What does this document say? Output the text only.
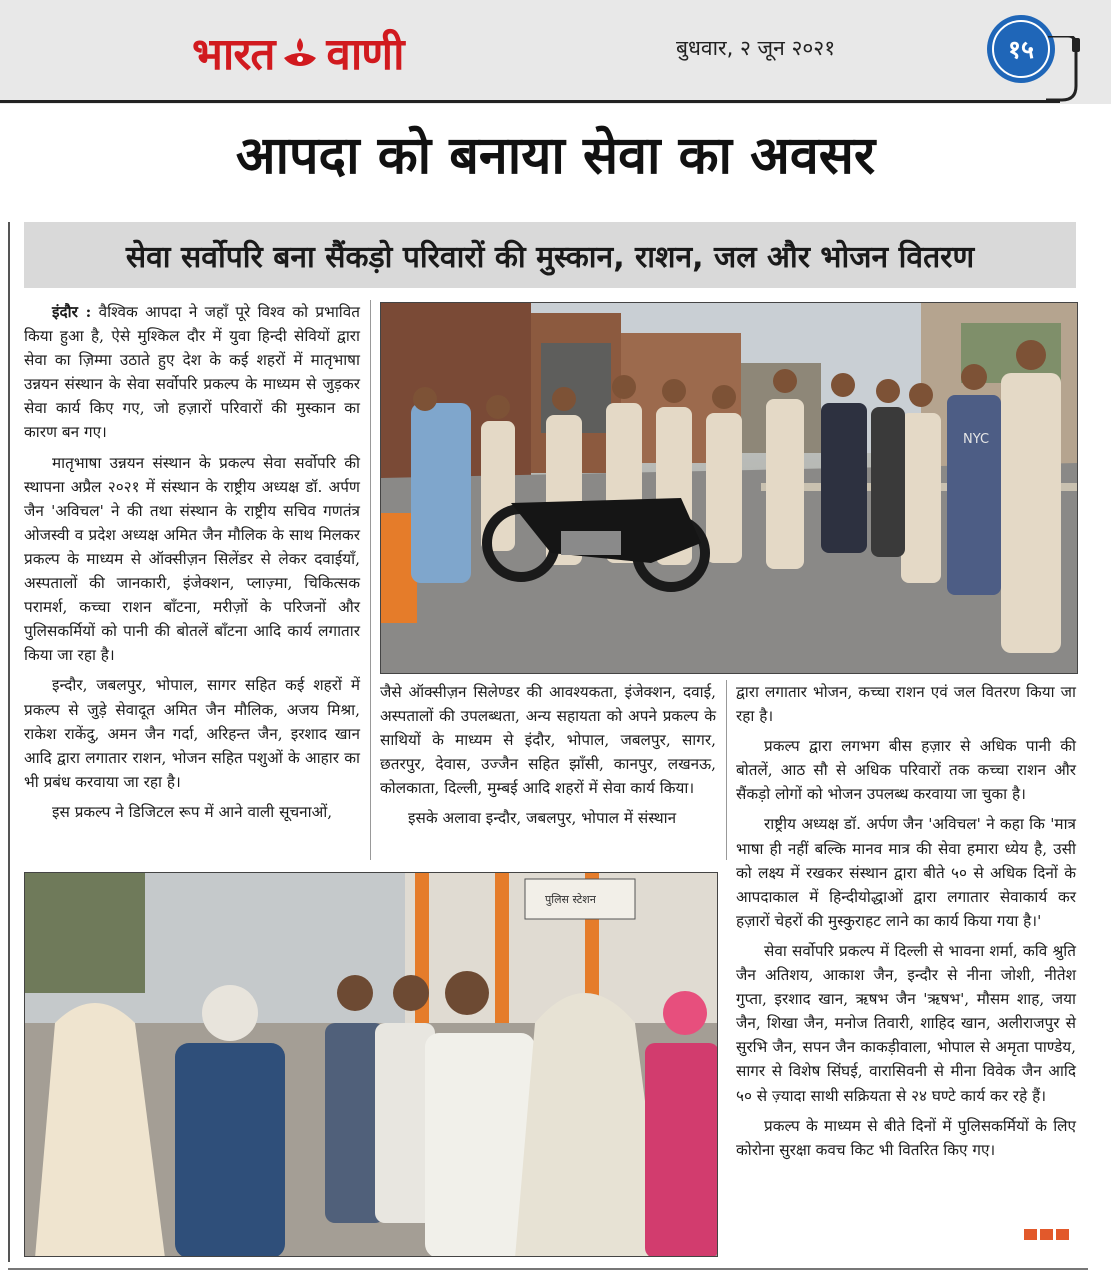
भारत वाणी	बुधवार, २ जून २०२१	१५
आपदा को बनाया सेवा का अवसर
सेवा सर्वोपरि बना सैंकड़ो परिवारों की मुस्कान, राशन, जल और भोजन वितरण

इंदौर : वैश्विक आपदा ने जहाँ पूरे विश्व को प्रभावित किया हुआ है, ऐसे मुश्किल दौर में युवा हिन्दी सेवियों द्वारा सेवा का ज़िम्मा उठाते हुए देश के कई शहरों में मातृभाषा उन्नयन संस्थान के सेवा सर्वोपरि प्रकल्प के माध्यम से जुड़कर सेवा कार्य किए गए, जो हज़ारों परिवारों की मुस्कान का कारण बन गए।

मातृभाषा उन्नयन संस्थान के प्रकल्प सेवा सर्वोपरि की स्थापना अप्रैल २०२१ में संस्थान के राष्ट्रीय अध्यक्ष डॉ. अर्पण जैन 'अविचल' ने की तथा संस्थान के राष्ट्रीय सचिव गणतंत्र ओजस्वी व प्रदेश अध्यक्ष अमित जैन मौलिक के साथ मिलकर प्रकल्प के माध्यम से ऑक्सीज़न सिलेंडर से लेकर दवाईयाँ, अस्पतालों की जानकारी, इंजेक्शन, प्लाज़्मा, चिकित्सक परामर्श, कच्चा राशन बाँटना, मरीज़ों के परिजनों और पुलिसकर्मियों को पानी की बोतलें बाँटना आदि कार्य लगातार किया जा रहा है।

इन्दौर, जबलपुर, भोपाल, सागर सहित कई शहरों में प्रकल्प से जुड़े सेवादूत अमित जैन मौलिक, अजय मिश्रा, राकेश राकेंदु, अमन जैन गर्दा, अरिहन्त जैन, इरशाद खान आदि द्वारा लगातार राशन, भोजन सहित पशुओं के आहार का भी प्रबंध करवाया जा रहा है।

इस प्रकल्प ने डिजिटल रूप में आने वाली सूचनाओं,

NYC

जैसे ऑक्सीज़न सिलेण्डर की आवश्यकता, इंजेक्शन, दवाई, अस्पतालों की उपलब्धता, अन्य सहायता को अपने प्रकल्प के साथियों के माध्यम से इंदौर, भोपाल, जबलपुर, सागर, छतरपुर, देवास, उज्जैन सहित झाँसी, कानपुर, लखनऊ, कोलकाता, दिल्ली, मुम्बई आदि शहरों में सेवा कार्य किया।

इसके अलावा इन्दौर, जबलपुर, भोपाल में संस्थान

द्वारा लगातार भोजन, कच्चा राशन एवं जल वितरण किया जा रहा है।

प्रकल्प द्वारा लगभग बीस हज़ार से अधिक पानी की बोतलें, आठ सौ से अधिक परिवारों तक कच्चा राशन और सैंकड़ो लोगों को भोजन उपलब्ध करवाया जा चुका है।

राष्ट्रीय अध्यक्ष डॉ. अर्पण जैन 'अविचल' ने कहा कि 'मात्र भाषा ही नहीं बल्कि मानव मात्र की सेवा हमारा ध्येय है, उसी को लक्ष्य में रखकर संस्थान द्वारा बीते ५० से अधिक दिनों के आपदाकाल में हिन्दीयोद्धाओं द्वारा लगातार सेवाकार्य कर हज़ारों चेहरों की मुस्कुराहट लाने का कार्य किया गया है।'

सेवा सर्वोपरि प्रकल्प में दिल्ली से भावना शर्मा, कवि श्रुति जैन अतिशय, आकाश जैन, इन्दौर से नीना जोशी, नीतेश गुप्ता, इरशाद खान, ऋषभ जैन 'ऋषभ', मौसम शाह, जया जैन, शिखा जैन, मनोज तिवारी, शाहिद खान, अलीराजपुर से सुरभि जैन, सपन जैन काकड़ीवाला, भोपाल से अमृता पाण्डेय, सागर से विशेष सिंघई, वारासिवनी से मीना विवेक जैन आदि ५० से ज़्यादा साथी सक्रियता से २४ घण्टे कार्य कर रहे हैं।

प्रकल्प के माध्यम से बीते दिनों में पुलिसकर्मियों के लिए कोरोना सुरक्षा कवच किट भी वितरित किए गए।

पुलिस स्टेशन
